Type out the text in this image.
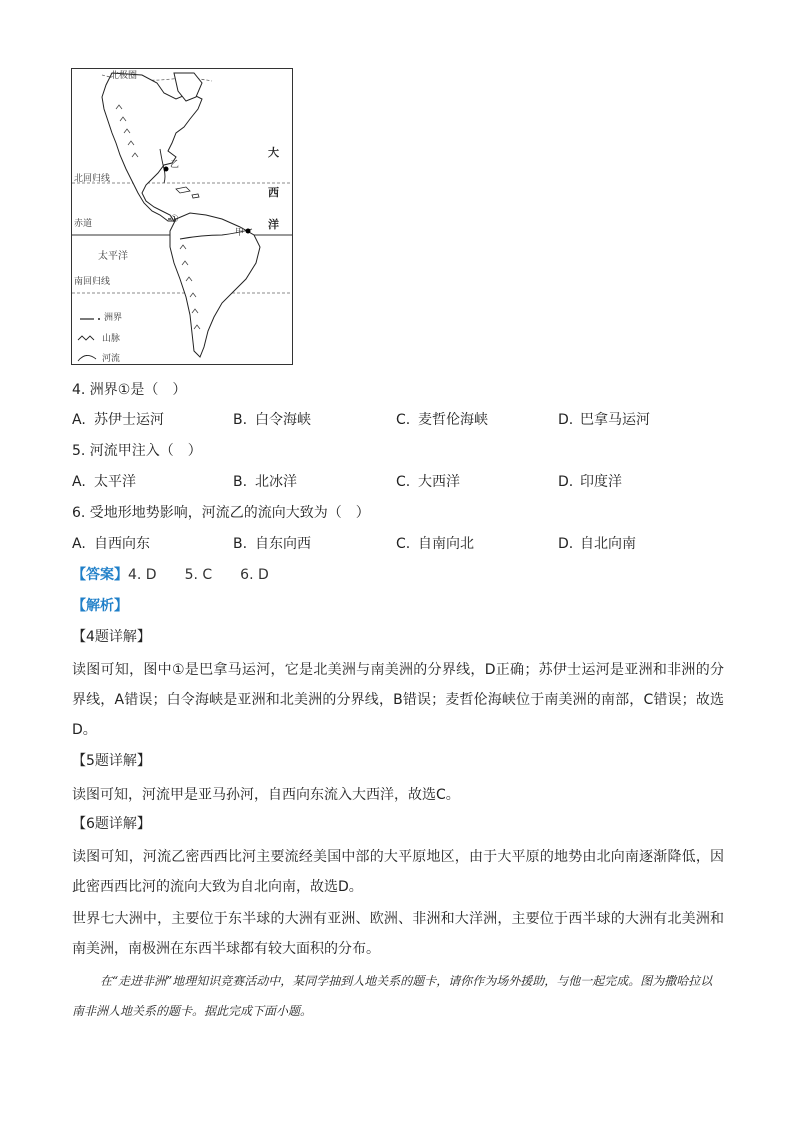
北极圈
北回归线
赤道
南回归线
太平洋
大
西
洋
乙
甲
①
洲界
山脉
河流
4. 洲界①是（　）
A. 苏伊士运河	B. 白令海峡	C. 麦哲伦海峡	D. 巴拿马运河
5. 河流甲注入（　）
A. 太平洋	B. 北冰洋	C. 大西洋	D. 印度洋
6. 受地形地势影响，河流乙的流向大致为（　）
A. 自西向东	B. 自东向西	C. 自南向北	D. 自北向南
【答案】4. D　　5. C　　6. D
【解析】
【4题详解】
读图可知，图中①是巴拿马运河，它是北美洲与南美洲的分界线，D正确；苏伊士运河是亚洲和非洲的分界线，A错误；白令海峡是亚洲和北美洲的分界线，B错误；麦哲伦海峡位于南美洲的南部，C错误；故选D。
【5题详解】
读图可知，河流甲是亚马孙河，自西向东流入大西洋，故选C。
【6题详解】
读图可知，河流乙密西西比河主要流经美国中部的大平原地区，由于大平原的地势由北向南逐渐降低，因此密西西比河的流向大致为自北向南，故选D。
世界七大洲中，主要位于东半球的大洲有亚洲、欧洲、非洲和大洋洲，主要位于西半球的大洲有北美洲和南美洲，南极洲在东西半球都有较大面积的分布。
在“走进非洲”地理知识竞赛活动中，某同学抽到人地关系的题卡，请你作为场外援助，与他一起完成。图为撒哈拉以南非洲人地关系的题卡。据此完成下面小题。
